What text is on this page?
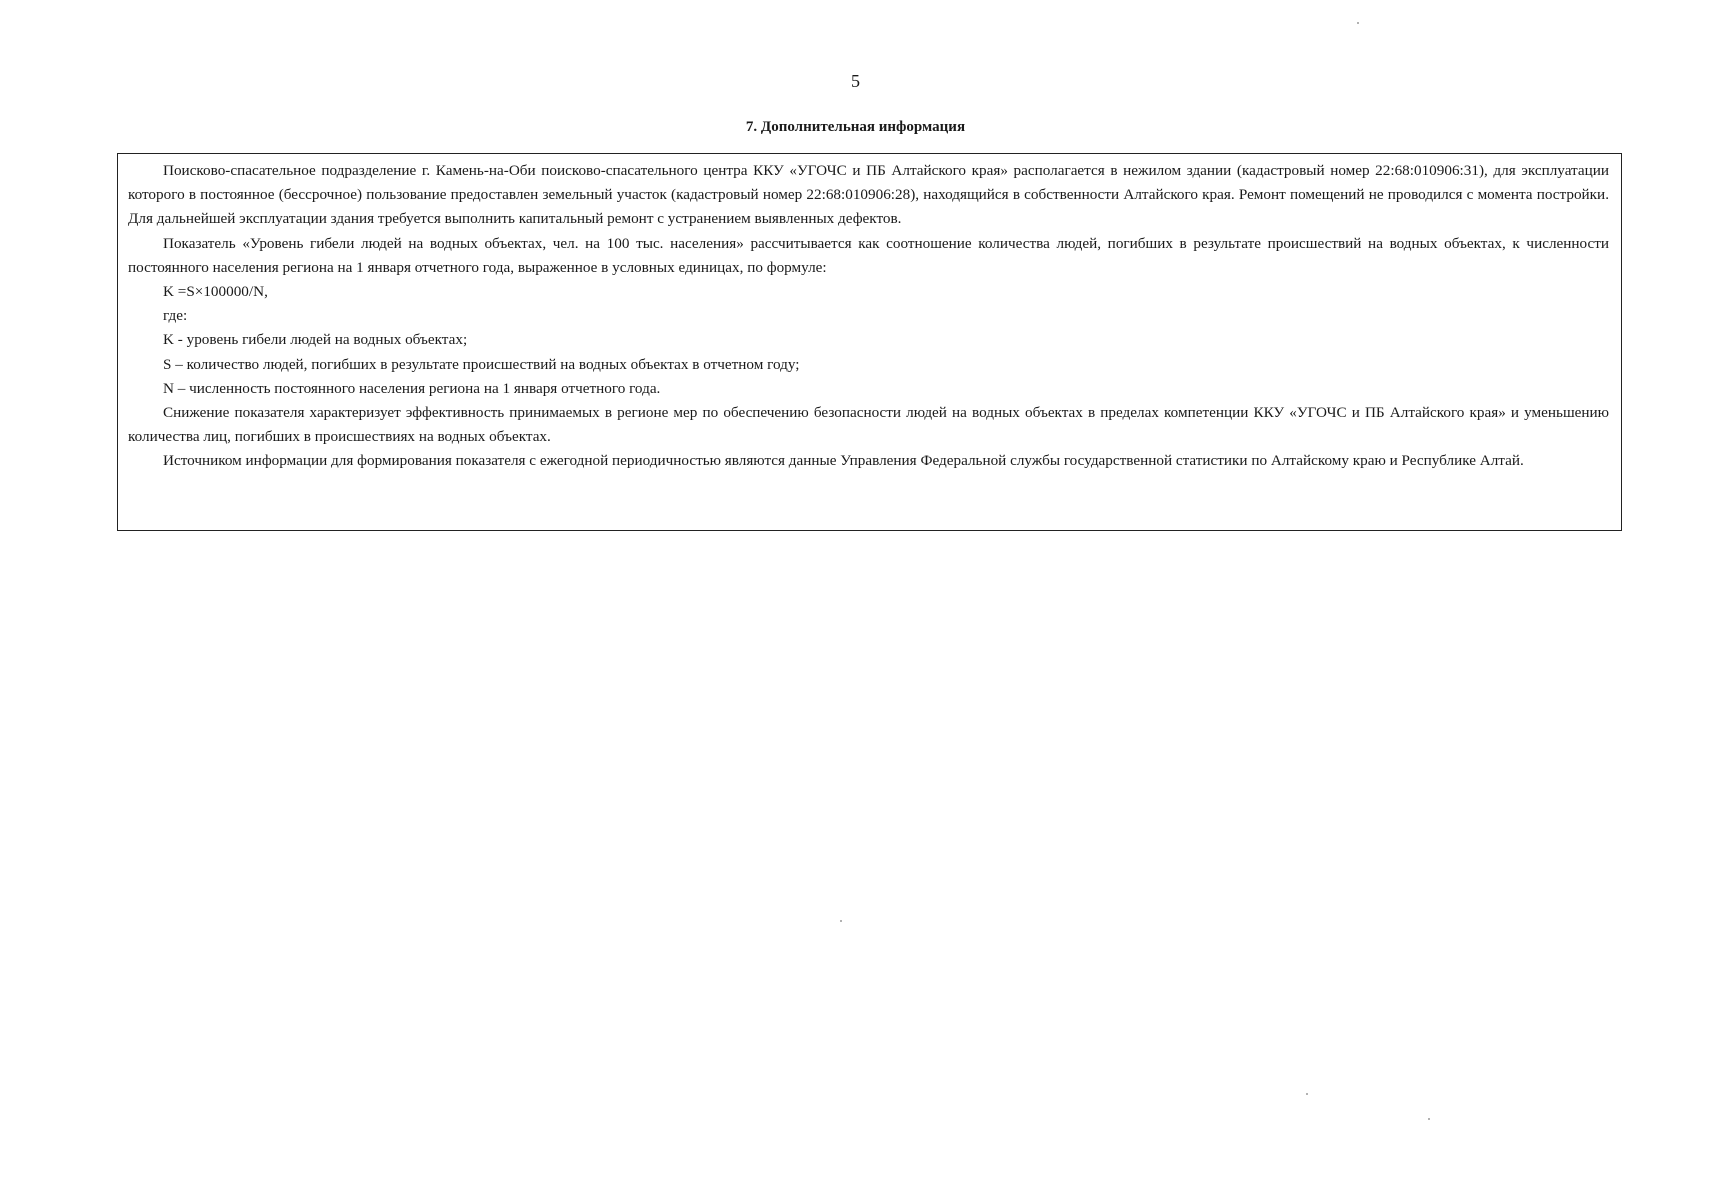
5
7. Дополнительная информация

Поисково-спасательное подразделение г. Камень-на-Оби поисково-спасательного центра ККУ «УГОЧС и ПБ Алтайского края» располагается в нежилом здании (кадастровый номер 22:68:010906:31), для эксплуатации которого в постоянное (бессрочное) пользование предоставлен земельный участок (кадастровый номер 22:68:010906:28), находящийся в собственности Алтайского края. Ремонт помещений не проводился с момента постройки. Для дальнейшей эксплуатации здания требуется выполнить капитальный ремонт с устранением выявленных дефектов.

Показатель «Уровень гибели людей на водных объектах, чел. на 100 тыс. населения» рассчитывается как соотношение количества людей, погибших в результате происшествий на водных объектах, к численности постоянного населения региона на 1 января отчетного года, выраженное в условных единицах, по формуле:

K =S×100000/N,

где:

K - уровень гибели людей на водных объектах;

S – количество людей, погибших в результате происшествий на водных объектах в отчетном году;

N – численность постоянного населения региона на 1 января отчетного года.

Снижение показателя характеризует эффективность принимаемых в регионе мер по обеспечению безопасности людей на водных объектах в пределах компетенции ККУ «УГОЧС и ПБ Алтайского края» и уменьшению количества лиц, погибших в происшествиях на водных объектах.

Источником информации для формирования показателя с ежегодной периодичностью являются данные Управления Федеральной службы государственной статистики по Алтайскому краю и Республике Алтай.
